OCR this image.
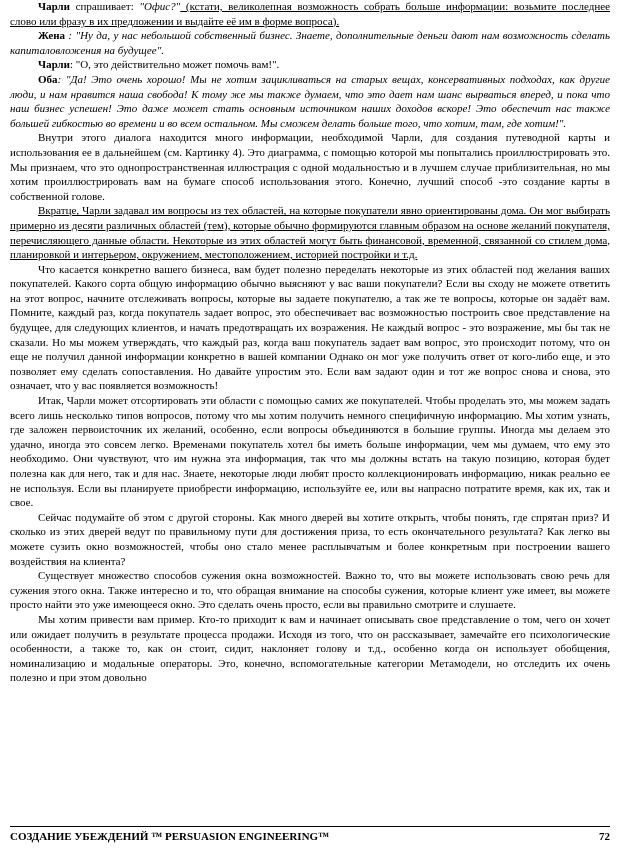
Чарли спрашивает: "Офис?" (кстати, великолепная возможность собрать больше информации: возьмите последнее слово или фразу в их предложении и выдайте её им в форме вопроса).

Жена : "Ну да, у нас небольшой собственный бизнес. Знаете, дополнительные деньги дают нам возможность сделать капиталовложения на будущее".

Чарли: "О, это действительно может помочь вам!".

Оба: "Да! Это очень хорошо! Мы не хотим зацикливаться на старых вещах, консервативных подходах, как другие люди, и нам нравится наша свобода! К тому же мы также думаем, что это дает нам шанс вырваться вперед, и пока что наш бизнес успешен! Это даже может стать основным источником наших доходов вскоре! Это обеспечит нас также большей гибкостью во времени и во всем остальном. Мы сможем делать больше того, что хотим, там, где хотим!".

Внутри этого диалога находится много информации, необходимой Чарли, для создания путеводной карты и использования ее в дальнейшем (см. Картинку 4). Это диаграмма, с помощью которой мы попытались проиллюстрировать это. Мы признаем, что это однопространственная иллюстрация с одной модальностью и в лучшем случае приблизительная, но мы хотим проиллюстрировать вам на бумаге способ использования этого. Конечно, лучший способ -это создание карты в собственной голове.

Вкратце, Чарли задавал им вопросы из тех областей, на которые покупатели явно ориентированы дома. Он мог выбирать примерно из десяти различных областей (тем), которые обычно формируются главным образом на основе желаний покупателя, перечисляющего данные области. Некоторые из этих областей могут быть финансовой, временной, связанной со стилем дома, планировкой и интерьером, окружением, местоположением, историей постройки и т.д.

Что касается конкретно вашего бизнеса, вам будет полезно переделать некоторые из этих областей под желания ваших покупателей. Какого сорта общую информацию обычно выясняют у вас ваши покупатели? Если вы сходу не можете ответить на этот вопрос, начните отслеживать вопросы, которые вы задаете покупателю, а так же те вопросы, которые он задаёт вам. Помните, каждый раз, когда покупатель задает вопрос, это обеспечивает вас возможностью построить свое представление на будущее, для следующих клиентов, и начать предотвращать их возражения. Не каждый вопрос - это возражение, мы бы так не сказали. Но мы можем утверждать, что каждый раз, когда ваш покупатель задает вам вопрос, это происходит потому, что он еще не получил данной информации конкретно в вашей компании Однако он мог уже получить ответ от кого-либо еще, и это позволяет ему сделать сопоставления. Но давайте упростим это. Если вам задают один и тот же вопрос снова и снова, это означает, что у вас появляется возможность!

Итак, Чарли может отсортировать эти области с помощью самих же покупателей. Чтобы проделать это, мы можем задать всего лишь несколько типов вопросов, потому что мы хотим получить немного специфичную информацию. Мы хотим узнать, где заложен первоисточник их желаний, особенно, если вопросы объединяются в большие группы. Иногда мы делаем это удачно, иногда это совсем легко. Временами покупатель хотел бы иметь больше информации, чем мы думаем, что ему это необходимо. Они чувствуют, что им нужна эта информация, так что мы должны встать на такую позицию, которая будет полезна как для него, так и для нас. Знаете, некоторые люди любят просто коллекционировать информацию, никак реально ее не используя. Если вы планируете приобрести информацию, используйте ее, или вы напрасно потратите время, как их, так и свое.

Сейчас подумайте об этом с другой стороны. Как много дверей вы хотите открыть, чтобы понять, где спрятан приз? И сколько из этих дверей ведут по правильному пути для достижения приза, то есть окончательного результата? Как легко вы можете сузить окно возможностей, чтобы оно стало менее расплывчатым и более конкретным при построении вашего воздействия на клиента?

Существует множество способов сужения окна возможностей. Важно то, что вы можете использовать свою речь для сужения этого окна. Также интересно и то, что обращая внимание на способы сужения, которые клиент уже имеет, вы можете просто найти это уже имеющееся окно. Это сделать очень просто, если вы правильно смотрите и слушаете.

Мы хотим привести вам пример. Кто-то приходит к вам и начинает описывать свое представление о том, чего он хочет или ожидает получить в результате процесса продажи. Исходя из того, что он рассказывает, замечайте его психологические особенности, а также то, как он стоит, сидит, наклоняет голову и т.д., особенно когда он использует обобщения, номинализацию и модальные операторы. Это, конечно, вспомогательные категории Метамодели, но отследить их очень полезно и при этом довольно

СОЗДАНИЕ УБЕЖДЕНИЙ ™ PERSUASION ENGINEERING™	72
